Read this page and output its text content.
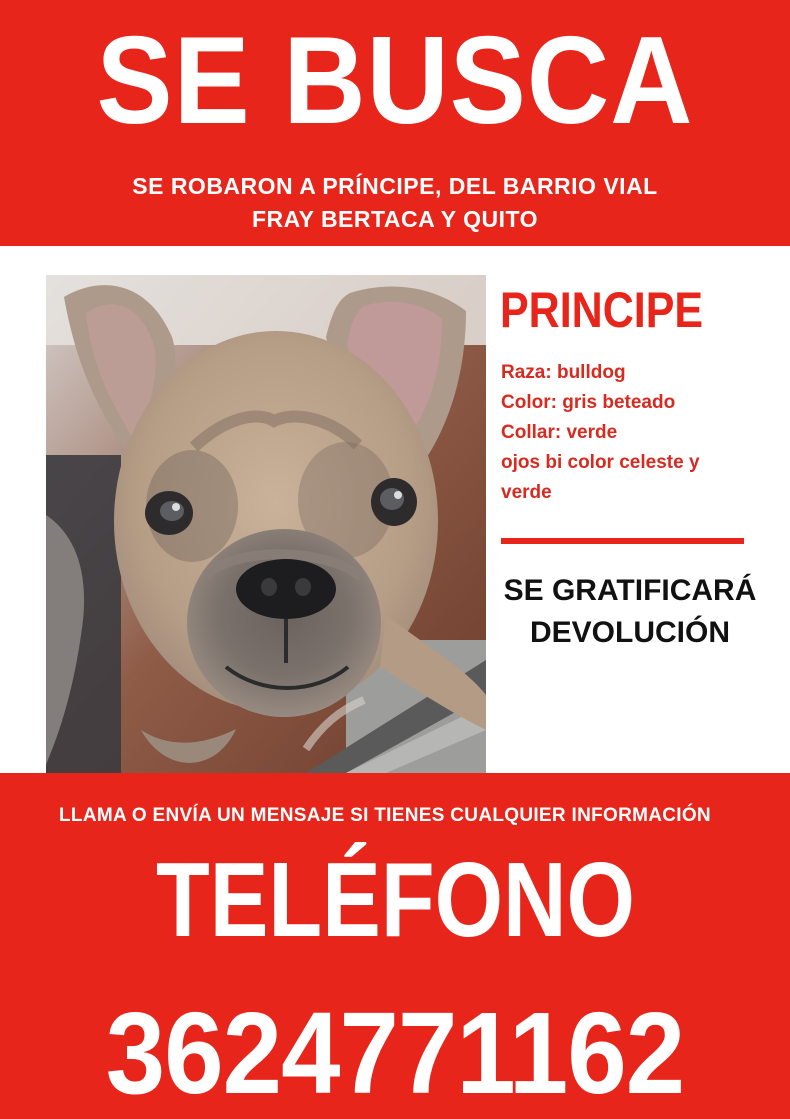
SE BUSCA
SE ROBARON A PRÍNCIPE, DEL BARRIO VIAL
FRAY BERTACA Y QUITO
PRINCIPE
Raza: bulldog
Color: gris beteado
Collar: verde
ojos bi color celeste y
verde
SE GRATIFICARÁ
DEVOLUCIÓN
LLAMA O ENVÍA UN MENSAJE SI TIENES CUALQUIER INFORMACIÓN
TELÉFONO
3624771162
